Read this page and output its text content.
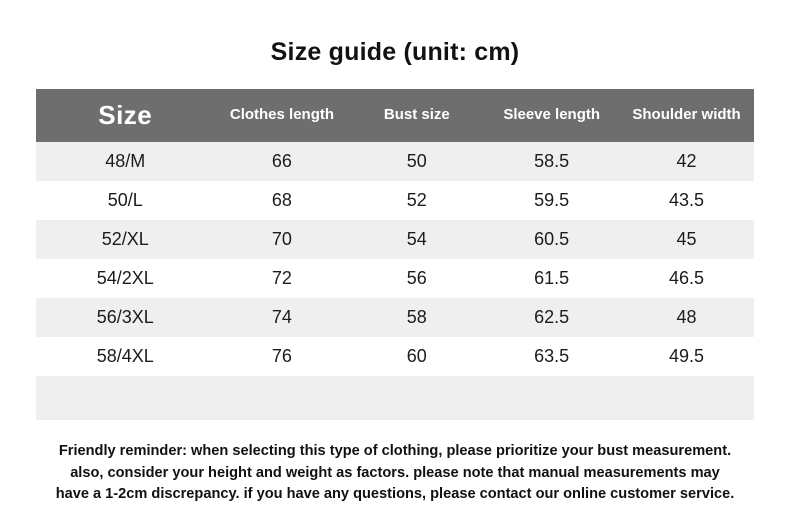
Size guide (unit: cm)
Size	Clothes length	Bust size	Sleeve length	Shoulder width
48/M	66	50	58.5	42
50/L	68	52	59.5	43.5
52/XL	70	54	60.5	45
54/2XL	72	56	61.5	46.5
56/3XL	74	58	62.5	48
58/4XL	76	60	63.5	49.5

Friendly reminder: when selecting this type of clothing, please prioritize your bust measurement.
also, consider your height and weight as factors. please note that manual measurements may
have a 1-2cm discrepancy. if you have any questions, please contact our online customer service.
